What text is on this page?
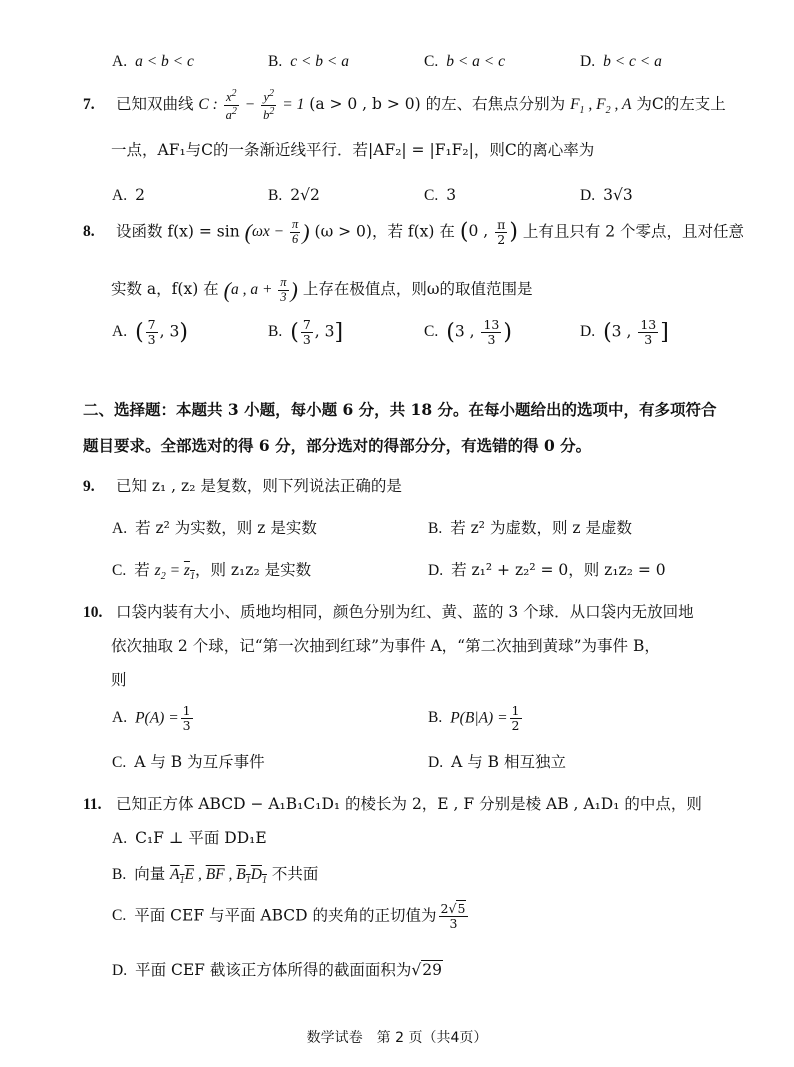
A. a < b < c	B. c < b < a	C. b < a < c	D. b < c < a
7. 已知双曲线 C : $\frac{x^2}{a^2} - \frac{y^2}{b^2} = 1$ (a > 0 , b > 0) 的左、右焦点分别为 $F_1$ , $F_2$ , A 为C的左支上
一点，AF₁与C的一条渐近线平行．若|AF₂| = |F₁F₂|，则C的离心率为
A. 2	B. 2√2	C. 3	D. 3√3
8. 设函数 $f(x) = \sin (\omega x - \frac{\pi}{6}$ ) (ω > 0)，若 f(x) 在 (0 , $\frac{\pi}{2}$ ) 上有且只有 2 个零点，且对任意
实数 a，f(x) 在 (a , $a + \frac{\pi}{3}$ ) 上存在极值点，则ω的取值范围是
A. ( $\frac{7}{3}$ , 3)	B. ( $\frac{7}{3}$ , 3]	C. (3 , $\frac{13}{3}$ )	D. (3 , $\frac{13}{3}$ ]
二、选择题：本题共 3 小题，每小题 6 分，共 18 分。在每小题给出的选项中，有多项符合
题目要求。全部选对的得 6 分，部分选对的得部分分，有选错的得 0 分。
9. 已知 z₁ , z₂ 是复数，则下列说法正确的是
A. 若 z² 为实数，则 z 是实数	B. 若 z² 为虚数，则 z 是虚数
C. 若 $z_2 = z_1$，则 z₁z₂ 是实数	D. 若 z₁² + z₂² = 0，则 z₁z₂ = 0
10. 口袋内装有大小、质地均相同，颜色分别为红、黄、蓝的 3 个球．从口袋内无放回地
依次抽取 2 个球，记“第一次抽到红球”为事件 A，“第二次抽到黄球”为事件 B，
则
A. $P(A) = \frac{1}{3}$	B. $P(B|A) = \frac{1}{2}$
C. A 与 B 为互斥事件	D. A 与 B 相互独立
11. 已知正方体 ABCD − A₁B₁C₁D₁ 的棱长为 2，E , F 分别是棱 AB , A₁D₁ 的中点，则
A. C₁F ⊥ 平面 DD₁E
B. 向量 $A_1E$ , $\overline{BF}$ , $B_1D_1$ 不共面
C. 平面 CEF 与平面 ABCD 的夹角的正切值为 $\frac{2√5}{3}$
D. 平面 CEF 截该正方体所得的截面面积为√29
数学试卷　第 2 页（共4页）
